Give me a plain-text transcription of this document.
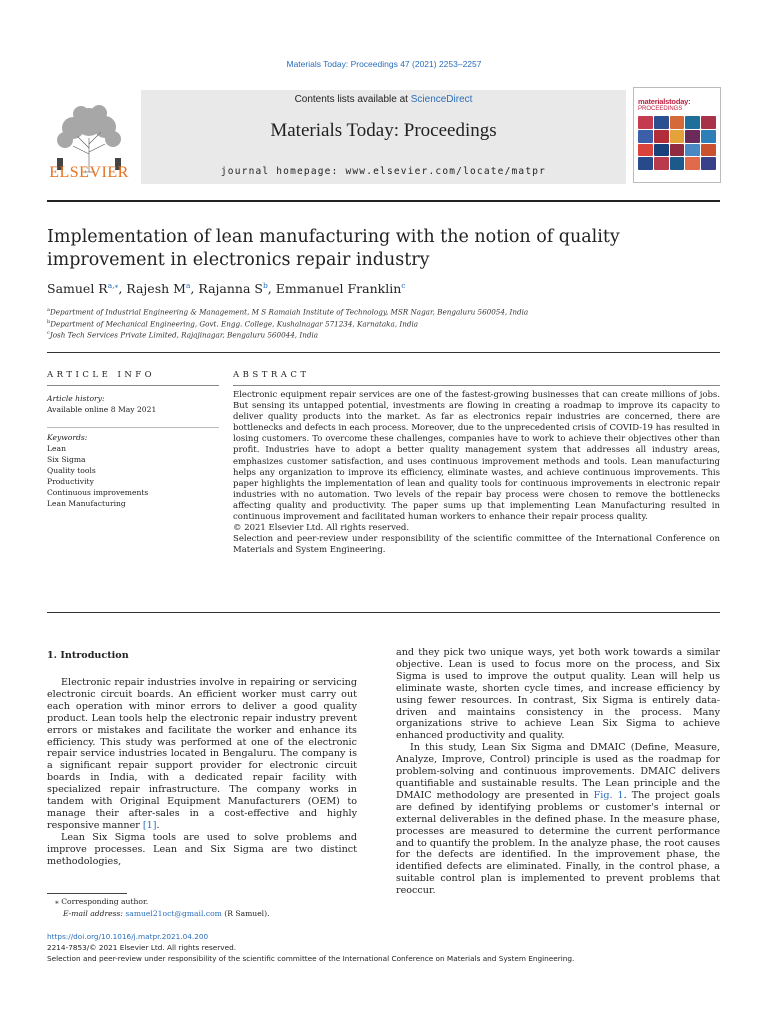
Materials Today: Proceedings 47 (2021) 2253–2257
ELSEVIER
Contents lists available at ScienceDirect
Materials Today: Proceedings
journal homepage: www.elsevier.com/locate/matpr
materialstoday:
PROCEEDINGS
Implementation of lean manufacturing with the notion of quality
improvement in electronics repair industry
Samuel $R^{a,⁎}$, Rajesh $M^a$, Rajanna $S^b$, Emmanuel Franklin$^c$
$^a$Department of Industrial Engineering & Management, M S Ramaiah Institute of Technology, MSR Nagar, Bengaluru 560054, India
$^b$Department of Mechanical Engineering, Govt. Engg. College, Kushalnagar 571234, Karnataka, India
$^c$Josh Tech Services Private Limited, Rajajinagar, Bengaluru 560044, India
ARTICLE INFO
Article history:
Available online 8 May 2021
Keywords:
Lean
Six Sigma
Quality tools
Productivity
Continuous improvements
Lean Manufacturing
ABSTRACT

Electronic equipment repair services are one of the fastest-growing businesses that can create millions of jobs. But sensing its untapped potential, investments are flowing in creating a roadmap to improve its capacity to deliver quality products into the market. As far as electronics repair industries are concerned, there are bottlenecks and defects in each process. Moreover, due to the unprecedented crisis of COVID-19 has resulted in losing customers. To overcome these challenges, companies have to work to achieve their objectives other than profit. Industries have to adopt a better quality management system that addresses all industry areas, emphasizes customer satisfaction, and uses continuous improvement methods and tools. Lean manufacturing helps any organization to improve its efficiency, eliminate wastes, and achieve continuous improvements. This paper highlights the implementation of lean and quality tools for continuous improvements in electronic repair industries with no automation. Two levels of the repair bay process were chosen to remove the bottlenecks affecting quality and productivity. The paper sums up that implementing Lean Manufacturing resulted in continuous improvement and facilitated human workers to enhance their repair process quality.

© 2021 Elsevier Ltd. All rights reserved.

Selection and peer-review under responsibility of the scientific committee of the International Conference on Materials and System Engineering.

1. Introduction

Electronic repair industries involve in repairing or servicing electronic circuit boards. An efficient worker must carry out each operation with minor errors to deliver a good quality product. Lean tools help the electronic repair industry prevent errors or mistakes and facilitate the worker and enhance its efficiency. This study was performed at one of the electronic repair service industries located in Bengaluru. The company is a significant repair support provider for electronic circuit boards in India, with a dedicated repair facility with specialized repair infrastructure. The company works in tandem with Original Equipment Manufacturers (OEM) to manage their after-sales in a cost-effective and highly responsive manner [1].

Lean Six Sigma tools are used to solve problems and improve processes. Lean and Six Sigma are two distinct methodologies,

and they pick two unique ways, yet both work towards a similar objective. Lean is used to focus more on the process, and Six Sigma is used to improve the output quality. Lean will help us eliminate waste, shorten cycle times, and increase efficiency by using fewer resources. In contrast, Six Sigma is entirely data-driven and maintains consistency in the process. Many organizations strive to achieve Lean Six Sigma to achieve enhanced productivity and quality.

In this study, Lean Six Sigma and DMAIC (Define, Measure, Analyze, Improve, Control) principle is used as the roadmap for problem-solving and continuous improvements. DMAIC delivers quantifiable and sustainable results. The Lean principle and the DMAIC methodology are presented in Fig. 1. The project goals are defined by identifying problems or customer's internal or external deliverables in the defined phase. In the measure phase, processes are measured to determine the current performance and to quantify the problem. In the analyze phase, the root causes for the defects are identified. In the improvement phase, the identified defects are eliminated. Finally, in the control phase, a suitable control plan is implemented to prevent problems that reoccur.

⁎ Corresponding author.
E-mail address: samuel21oct@gmail.com (R Samuel).
https://doi.org/10.1016/j.matpr.2021.04.200
2214-7853/© 2021 Elsevier Ltd. All rights reserved.
Selection and peer-review under responsibility of the scientific committee of the International Conference on Materials and System Engineering.
